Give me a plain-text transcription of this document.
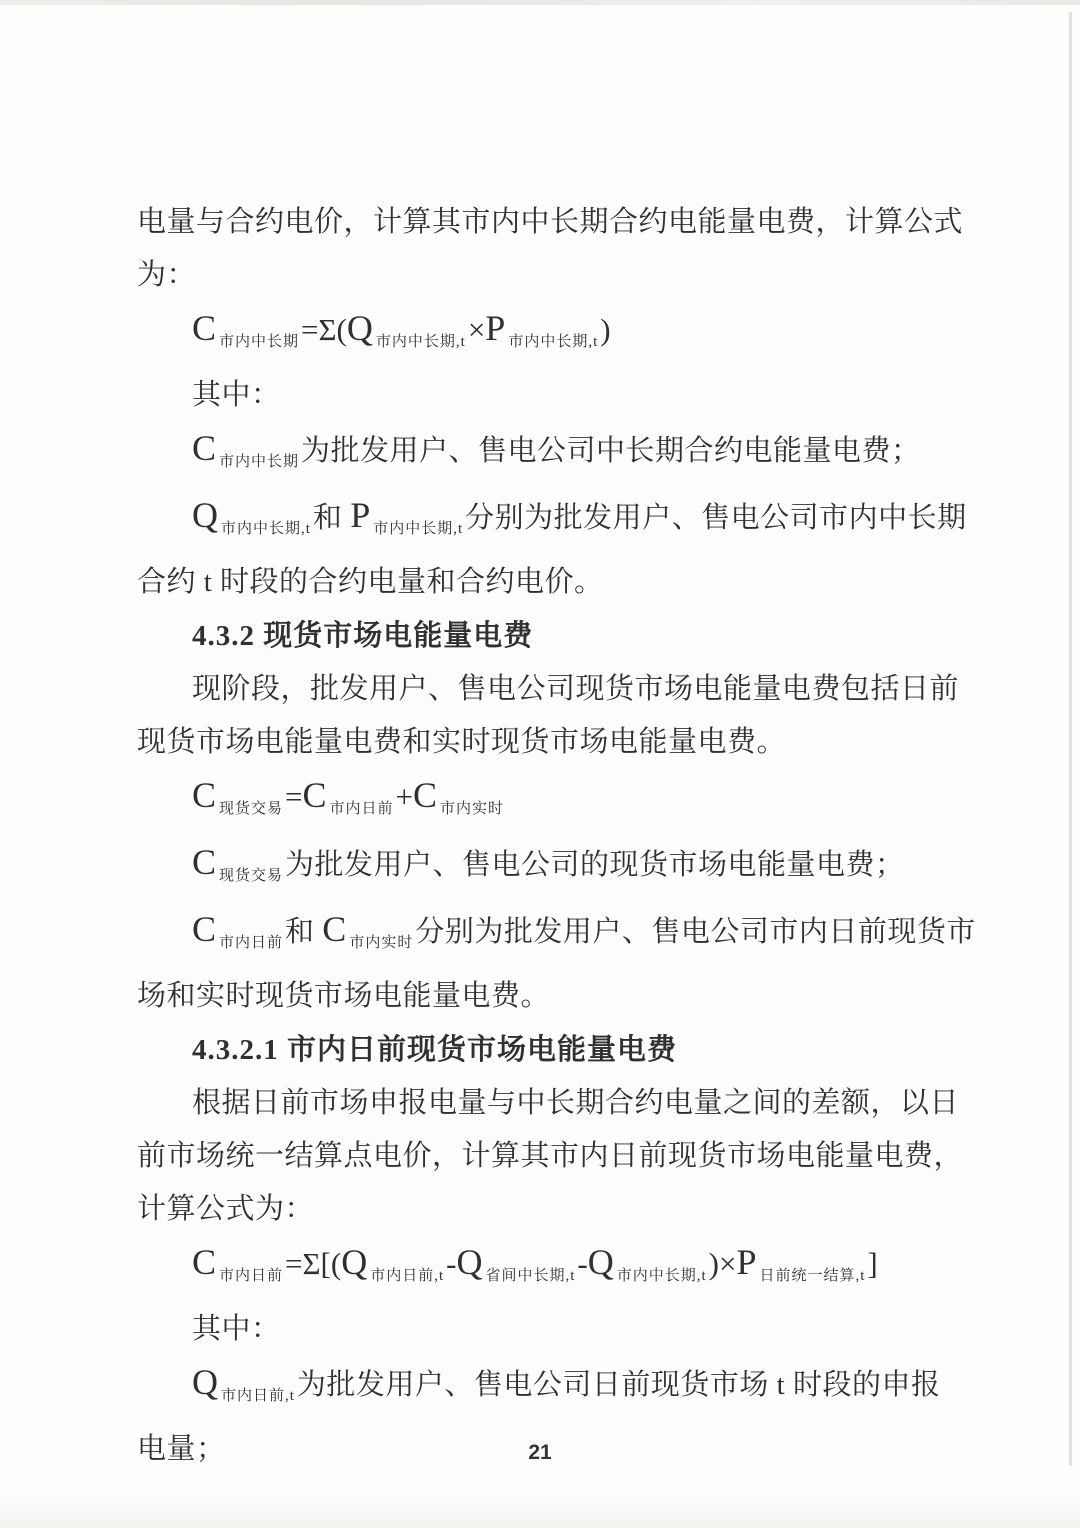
电量与合约电价，计算其市内中长期合约电能量电费，计算公式

为：

C $_{市内中长期}$=Σ(Q $_{市内中长期,t}$×P $_{市内中长期,t}$)

其中：

C $_{市内中长期}$为批发用户、售电公司中长期合约电能量电费；

Q $_{市内中长期,t}$和 P $_{市内中长期,t}$分别为批发用户、售电公司市内中长期

合约 t 时段的合约电量和合约电价。

4.3.2 现货市场电能量电费

现阶段，批发用户、售电公司现货市场电能量电费包括日前

现货市场电能量电费和实时现货市场电能量电费。

C $_{现货交易}$=C $_{市内日前}$+C $_{市内实时}$

C $_{现货交易}$为批发用户、售电公司的现货市场电能量电费；

C $_{市内日前}$和 C $_{市内实时}$分别为批发用户、售电公司市内日前现货市

场和实时现货市场电能量电费。

4.3.2.1 市内日前现货市场电能量电费

根据日前市场申报电量与中长期合约电量之间的差额，以日

前市场统一结算点电价，计算其市内日前现货市场电能量电费，

计算公式为：

C $_{市内日前}$=Σ[(Q $_{市内日前,t}$-Q $_{省间中长期,t}$-Q $_{市内中长期,t}$)×P $_{日前统一结算,t}$]

其中：

Q $_{市内日前,t}$为批发用户、售电公司日前现货市场 t 时段的申报

电量；	21
